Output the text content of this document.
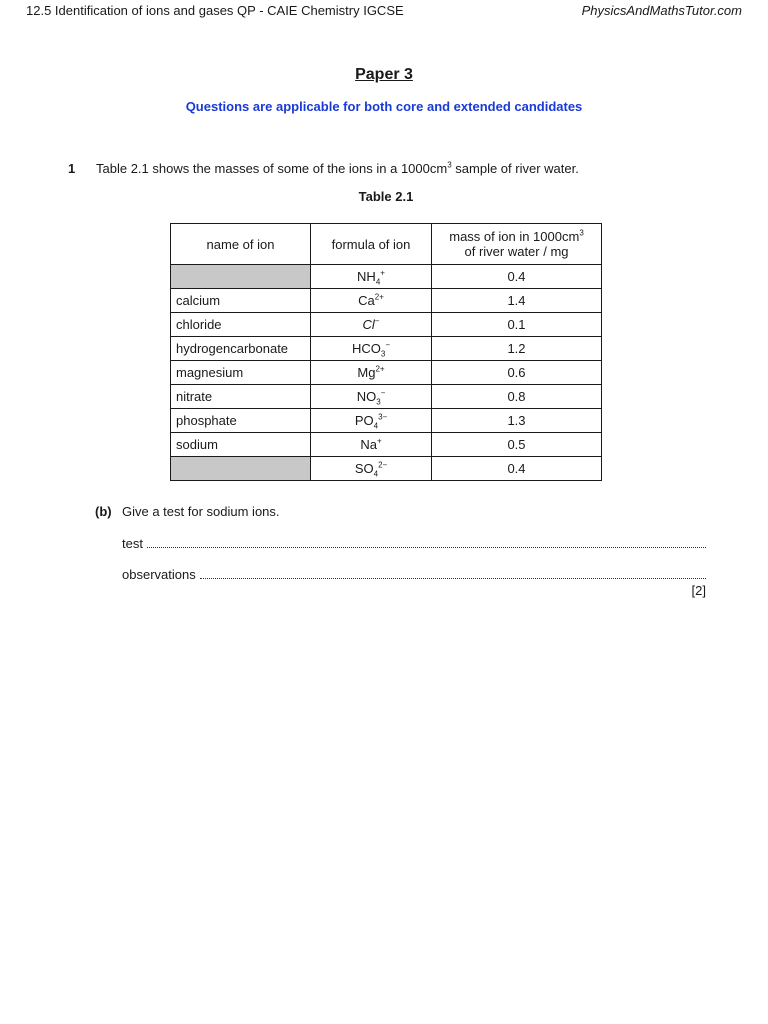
12.5 Identification of ions and gases QP - CAIE Chemistry IGCSE	PhysicsAndMathsTutor.com
Paper 3
Questions are applicable for both core and extended candidates
1 Table 2.1 shows the masses of some of the ions in a $1000cm^3$ sample of river water.
Table 2.1
name of ion	formula of ion	mass of ion in $1000cm^3$
of river water / mg
	$NH_4^+$	0.4
calcium	$Ca^{2+}$	1.4
chloride	Cl−	0.1
hydrogencarbonate	$HCO_3^-$	1.2
magnesium	$Mg^{2+}$	0.6
nitrate	$NO_3^-$	0.8
phosphate	$PO_4^{3-}$	1.3
sodium	Na+	0.5
	$SO_4^{2-}$	0.4
(b) Give a test for sodium ions.
test
observations
[2]
